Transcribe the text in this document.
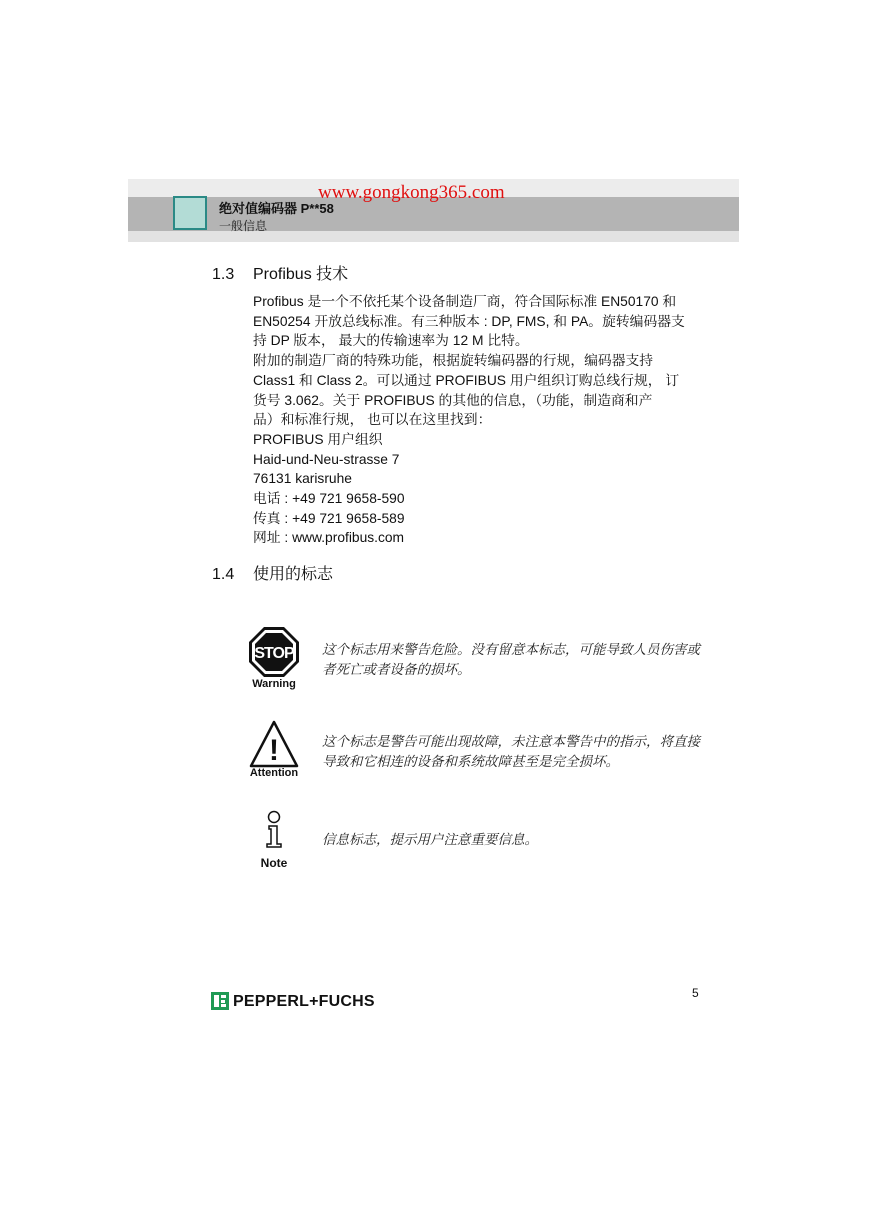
绝对值编码器 P**58
一般信息
www.gongkong365.com
1.3 Profibus 技术

Profibus 是一个不依托某个设备制造厂商，符合国际标准 EN50170 和

EN50254 开放总线标准。有三种版本 : DP, FMS, 和 PA。旋转编码器支

持 DP 版本， 最大的传输速率为 12 M 比特。

附加的制造厂商的特殊功能，根据旋转编码器的行规，编码器支持

Class1 和 Class 2。可以通过 PROFIBUS 用户组织订购总线行规， 订

货号 3.062。关于 PROFIBUS 的其他的信息，（功能，制造商和产

品）和标准行规， 也可以在这里找到：

PROFIBUS 用户组织

Haid-und-Neu-strasse 7

76131 karisruhe

电话 : +49 721 9658-590

传真 : +49 721 9658-589

网址 : www.profibus.com

1.4 使用的标志
STOP
Warning
这个标志用来警告危险。没有留意本标志，可能导致人员伤害或者死亡或者设备的损坏。
!
Attention
这个标志是警告可能出现故障，未注意本警告中的指示，将直接导致和它相连的设备和系统故障甚至是完全损坏。
Note
信息标志，提示用户注意重要信息。
5
PEPPERL+FUCHS
